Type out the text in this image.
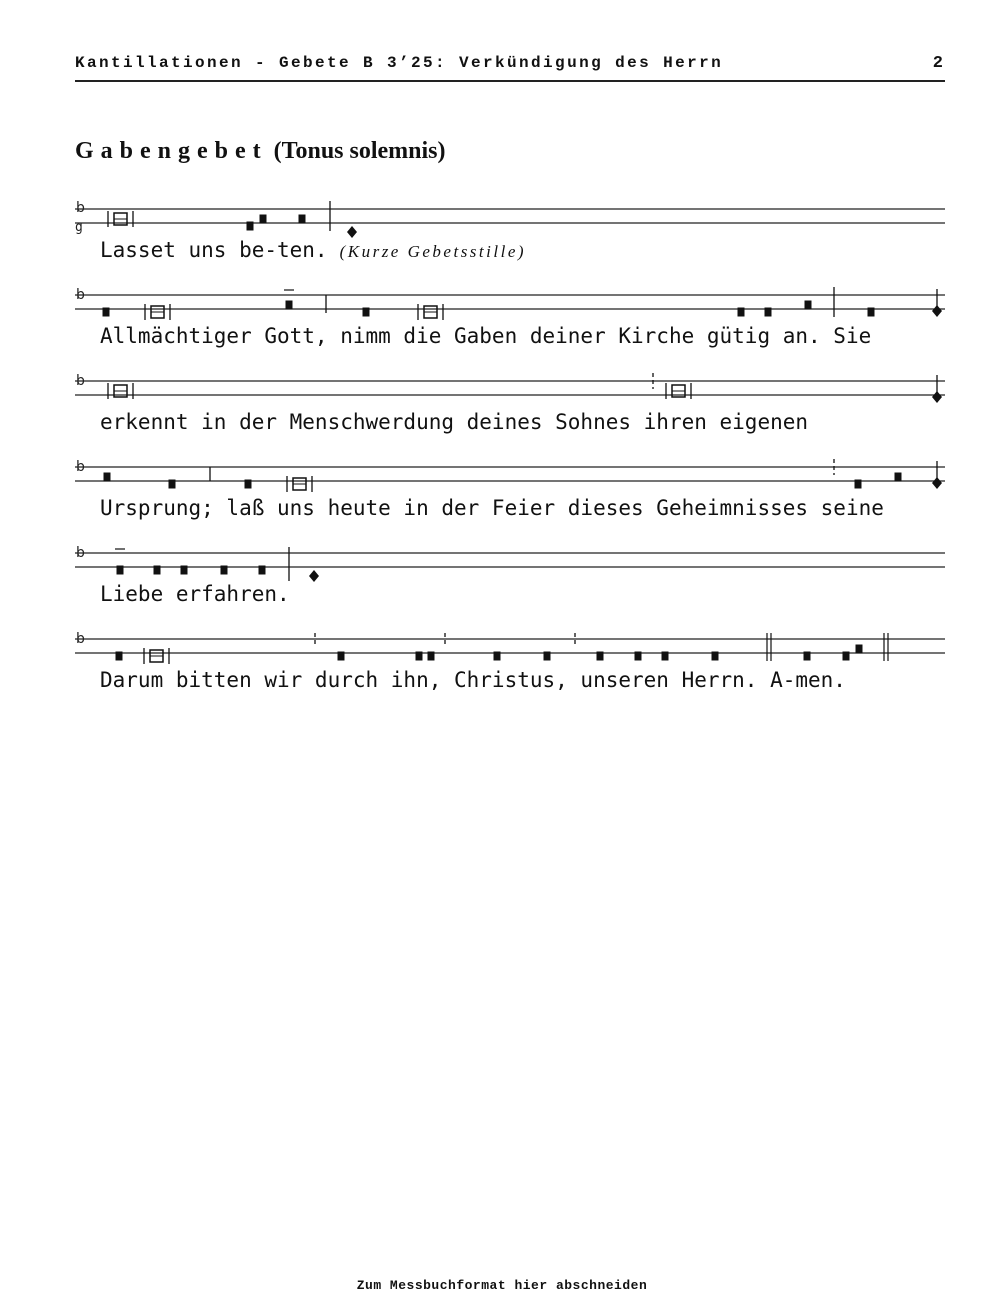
Kantillationen - Gebete B 3’25: Verkündigung des Herrn	2
Gabengebet (Tonus solemnis)
b
g
Lasset uns be-ten. (Kurze Gebetsstille)
b
Allmächtiger Gott, nimm die Gaben deiner Kirche gütig an. Sie
b
erkennt in der Menschwerdung deines Sohnes ihren eigenen
b
Ursprung; laß uns heute in der Feier dieses Geheimnisses seine
b
Liebe erfahren.
b
Darum bitten wir durch ihn, Christus, unseren Herrn. A-men.
Zum Messbuchformat hier abschneiden
